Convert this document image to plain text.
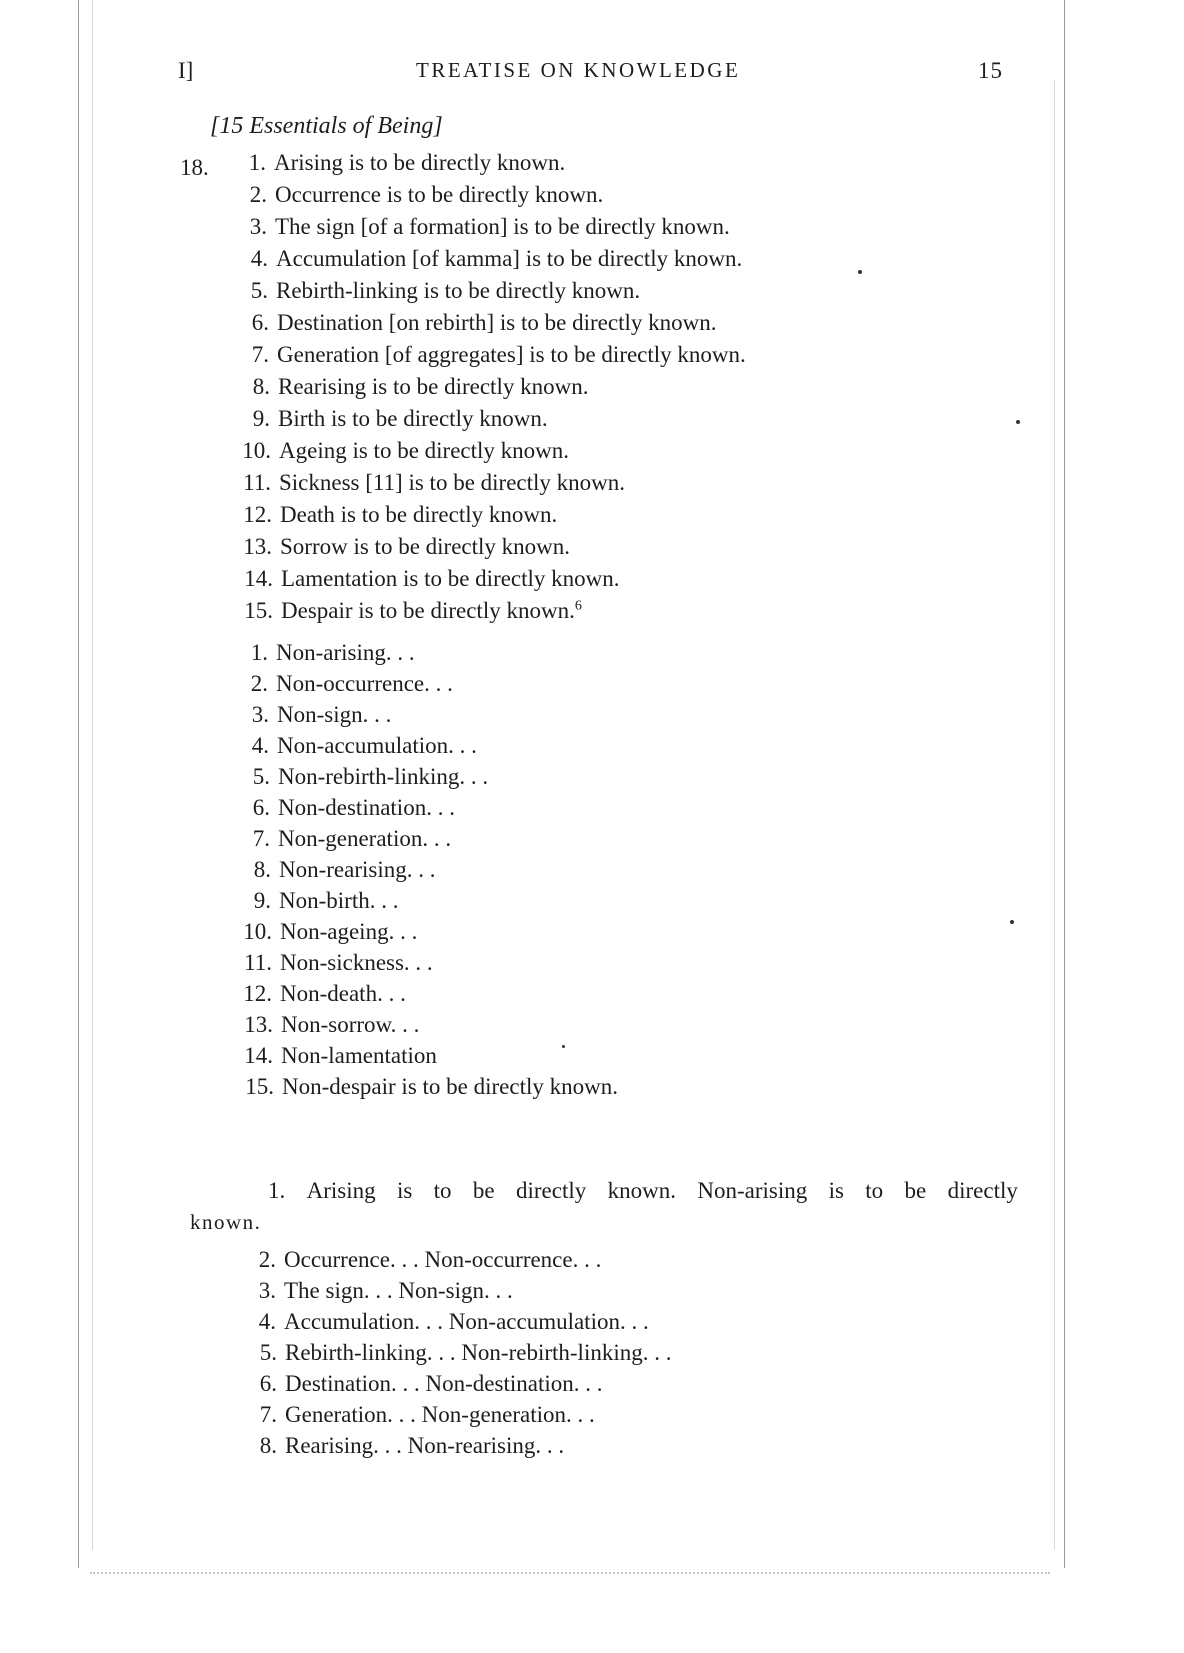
I]	TREATISE ON KNOWLEDGE	15
[15 Essentials of Being]
18.	1. Arising is to be directly known.
2. Occurrence is to be directly known.
3. The sign [of a formation] is to be directly known.
4. Accumulation [of kamma] is to be directly known.
5. Rebirth-linking is to be directly known.
6. Destination [on rebirth] is to be directly known.
7. Generation [of aggregates] is to be directly known.
8. Rearising is to be directly known.
9. Birth is to be directly known.
10. Ageing is to be directly known.
11. Sickness [11] is to be directly known.
12. Death is to be directly known.
13. Sorrow is to be directly known.
14. Lamentation is to be directly known.
15. Despair is to be directly known.$^6$
1. Non-arising. . .
2. Non-occurrence. . .
3. Non-sign. . .
4. Non-accumulation. . .
5. Non-rebirth-linking. . .
6. Non-destination. . .
7. Non-generation. . .
8. Non-rearising. . .
9. Non-birth. . .
10. Non-ageing. . .
11. Non-sickness. . .
12. Non-death. . .
13. Non-sorrow. . .
14. Non-lamentation
15. Non-despair is to be directly known.
1. Arising is to be directly known. Non-arising is to be directly
known.
2. Occurrence. . . Non-occurrence. . .
3. The sign. . . Non-sign. . .
4. Accumulation. . . Non-accumulation. . .
5. Rebirth-linking. . . Non-rebirth-linking. . .
6. Destination. . . Non-destination. . .
7. Generation. . . Non-generation. . .
8. Rearising. . . Non-rearising. . .
